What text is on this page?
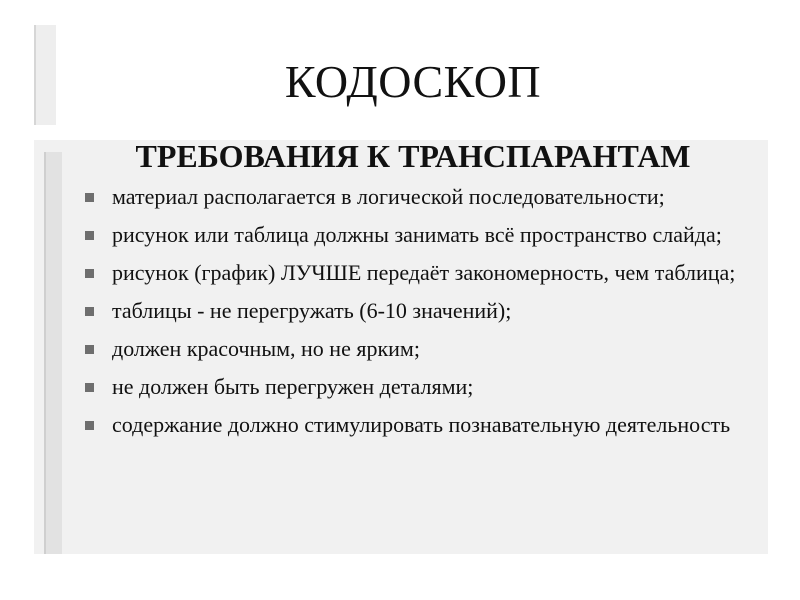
КОДОСКОП
ТРЕБОВАНИЯ К ТРАНСПАРАНТАМ
материал располагается в логической последовательности;
рисунок или таблица должны занимать всё пространство слайда;
рисунок (график) ЛУЧШЕ передаёт закономерность, чем таблица;
таблицы - не перегружать (6-10 значений);
должен красочным, но не ярким;
не должен быть перегружен деталями;
содержание должно стимулировать познавательную деятельность
